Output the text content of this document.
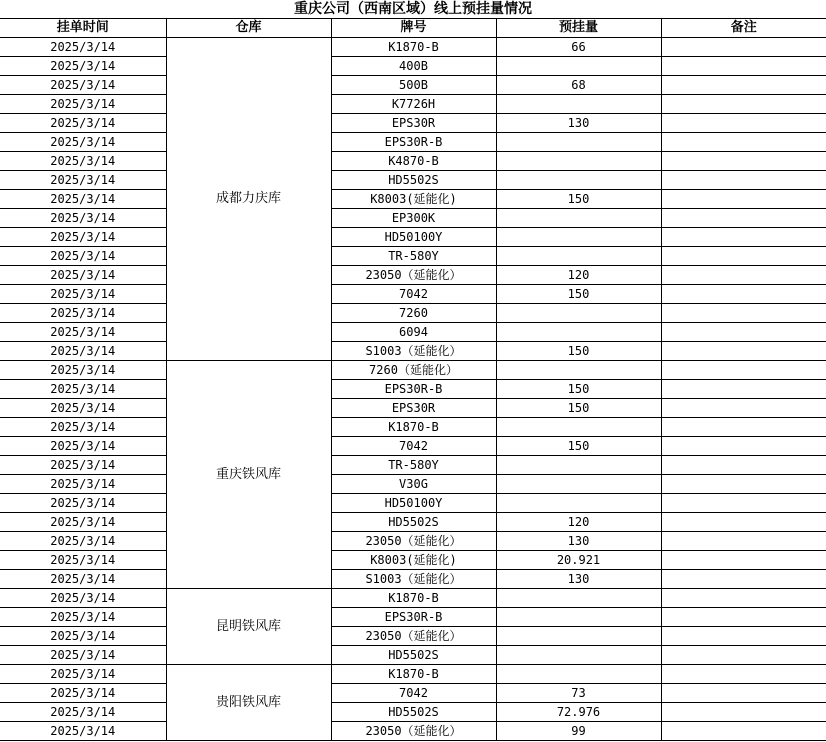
重庆公司（西南区域）线上预挂量情况
挂单时间	仓库	牌号	预挂量	备注
2025/3/14	成都力庆库	K1870-B	66	
2025/3/14		400B		
2025/3/14		500B	68	
2025/3/14		K7726H		
2025/3/14		EPS30R	130	
2025/3/14		EPS30R-B		
2025/3/14		K4870-B		
2025/3/14		HD5502S		
2025/3/14		K8003(延能化)	150	
2025/3/14		EP300K		
2025/3/14		HD50100Y		
2025/3/14		TR-580Y		
2025/3/14		23050（延能化）	120	
2025/3/14		7042	150	
2025/3/14		7260		
2025/3/14		6094		
2025/3/14		S1003（延能化）	150	
2025/3/14	重庆铁风库	7260（延能化）		
2025/3/14		EPS30R-B	150	
2025/3/14		EPS30R	150	
2025/3/14		K1870-B		
2025/3/14		7042	150	
2025/3/14		TR-580Y		
2025/3/14		V30G		
2025/3/14		HD50100Y		
2025/3/14		HD5502S	120	
2025/3/14		23050（延能化）	130	
2025/3/14		K8003(延能化)	20.921	
2025/3/14		S1003（延能化）	130	
2025/3/14	昆明铁风库	K1870-B		
2025/3/14		EPS30R-B		
2025/3/14		23050（延能化）		
2025/3/14		HD5502S		
2025/3/14	贵阳铁风库	K1870-B		
2025/3/14		7042	73	
2025/3/14		HD5502S	72.976	
2025/3/14		23050（延能化）	99	
